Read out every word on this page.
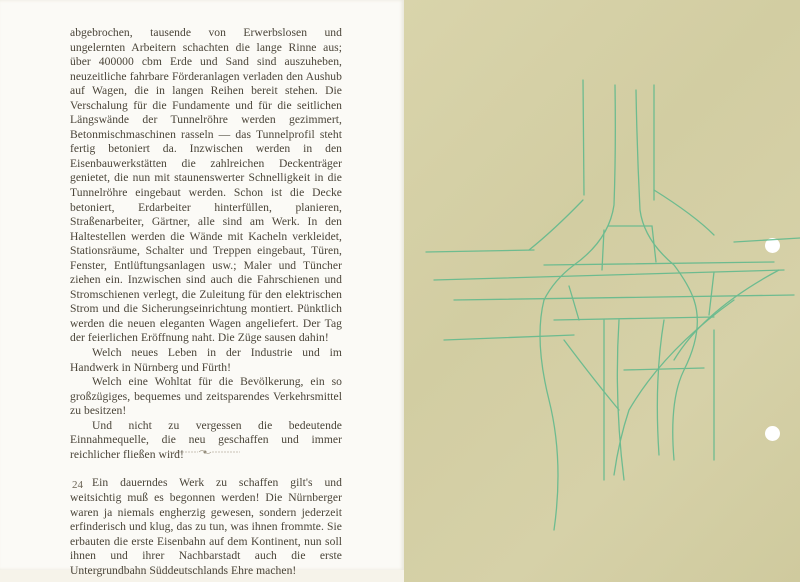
abgebrochen, tausende von Erwerbslosen und ungelernten Arbeitern schachten die lange Rinne aus; über 400000 cbm Erde und Sand sind auszuheben, neuzeitliche fahrbare Förderanlagen verladen den Aushub auf Wagen, die in langen Reihen bereit stehen. Die Verschalung für die Fundamente und für die seitlichen Längswände der Tunnelröhre werden gezimmert, Betonmischmaschinen rasseln — das Tunnelprofil steht fertig betoniert da. Inzwischen werden in den Eisenbauwerkstätten die zahlreichen Deckenträger genietet, die nun mit staunenswerter Schnelligkeit in die Tunnelröhre eingebaut werden. Schon ist die Decke betoniert, Erdarbeiter hinterfüllen, planieren, Straßenarbeiter, Gärtner, alle sind am Werk. In den Haltestellen werden die Wände mit Kacheln verkleidet, Stationsräume, Schalter und Treppen eingebaut, Türen, Fenster, Entlüftungsanlagen usw.; Maler und Tüncher ziehen ein. Inzwischen sind auch die Fahrschienen und Stromschienen verlegt, die Zuleitung für den elektrischen Strom und die Sicherungseinrichtung montiert. Pünktlich werden die neuen eleganten Wagen angeliefert. Der Tag der feierlichen Eröffnung naht. Die Züge sausen dahin!

Welch neues Leben in der Industrie und im Handwerk in Nürnberg und Fürth!

Welch eine Wohltat für die Bevölkerung, ein so großzügiges, bequemes und zeitsparendes Verkehrsmittel zu besitzen!

Und nicht zu vergessen die bedeutende Einnahmequelle, die neu geschaffen und immer reichlicher fließen wird!

Ein dauerndes Werk zu schaffen gilt's und weitsichtig muß es begonnen werden! Die Nürnberger waren ja niemals engherzig gewesen, sondern jederzeit erfinderisch und klug, das zu tun, was ihnen frommte. Sie erbauten die erste Eisenbahn auf dem Kontinent, nun soll ihnen und ihrer Nachbarstadt auch die erste Untergrundbahn Süddeutschlands Ehre machen!

24
